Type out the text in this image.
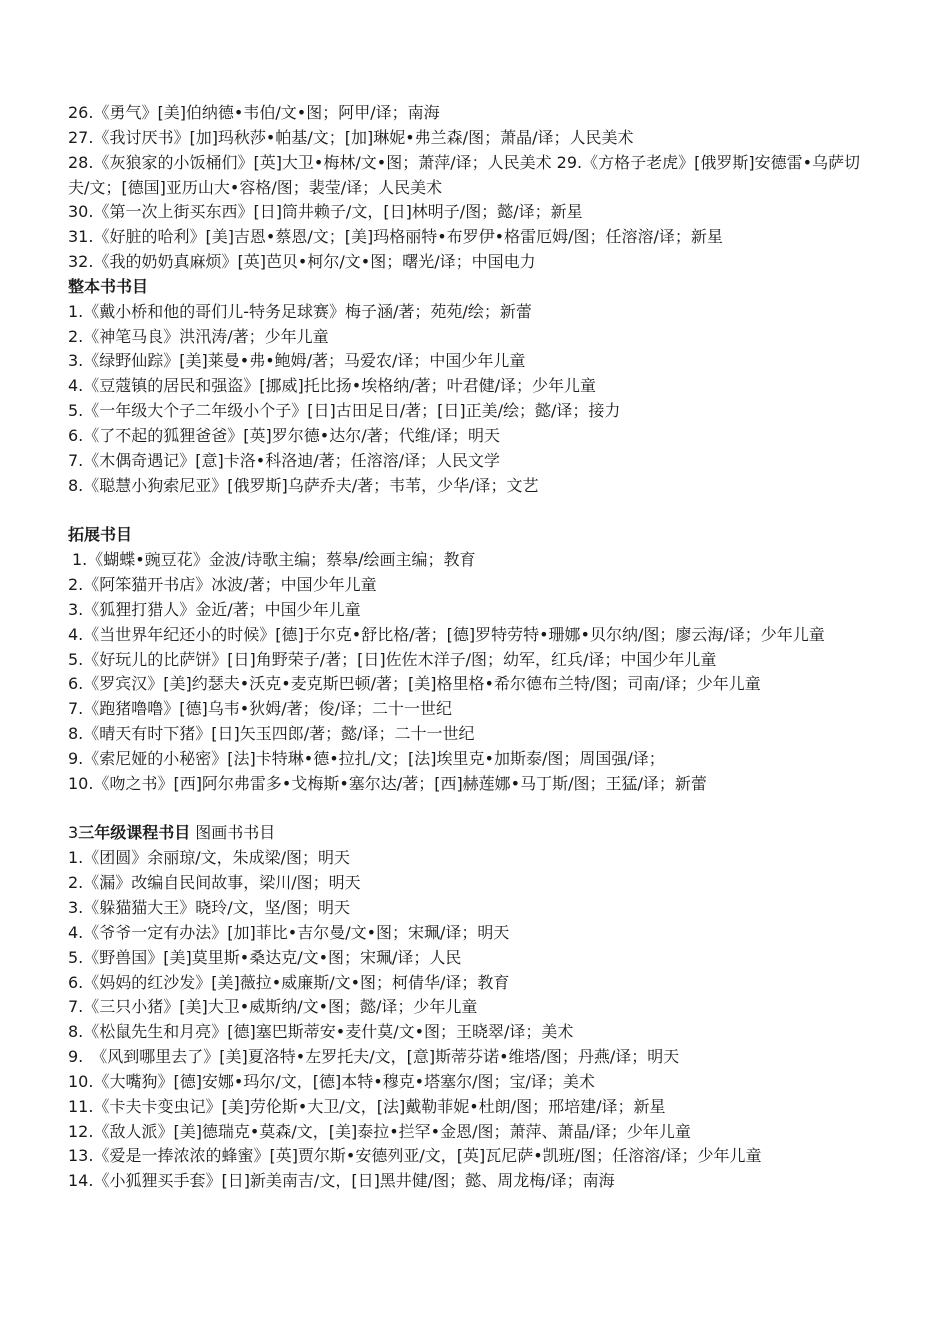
26.《勇气》[美]伯纳德•韦伯/文•图；阿甲/译；南海
27.《我讨厌书》[加]玛秋莎•帕基/文；[加]琳妮•弗兰森/图；萧晶/译；人民美术
28.《灰狼家的小饭桶们》[英]大卫•梅林/文•图；萧萍/译；人民美术 29.《方格子老虎》[俄罗斯]安德雷•乌萨切夫/文；[德国]亚历山大•容格/图；裴莹/译；人民美术
30.《第一次上街买东西》[日]筒井赖子/文，[日]林明子/图；懿/译；新星
31.《好脏的哈利》[美]吉恩•蔡恩/文；[美]玛格丽特•布罗伊•格雷厄姆/图；任溶溶/译；新星
32.《我的奶奶真麻烦》[英]芭贝•柯尔/文•图；曙光/译；中国电力
整本书书目
1.《戴小桥和他的哥们儿-特务足球赛》梅子涵/著；苑苑/绘；新蕾
2.《神笔马良》洪汛涛/著；少年儿童
3.《绿野仙踪》[美]莱曼•弗•鲍姆/著；马爱农/译；中国少年儿童
4.《豆蔻镇的居民和强盗》[挪威]托比扬•埃格纳/著；叶君健/译；少年儿童
5.《一年级大个子二年级小个子》[日]古田足日/著；[日]正美/绘；懿/译；接力
6.《了不起的狐狸爸爸》[英]罗尔德•达尔/著；代维/译；明天
7.《木偶奇遇记》[意]卡洛•科洛迪/著；任溶溶/译；人民文学
8.《聪慧小狗索尼亚》[俄罗斯]乌萨乔夫/著；韦苇，少华/译；文艺
拓展书目
1.《蝴蝶•豌豆花》金波/诗歌主编；蔡皋/绘画主编；教育
2.《阿笨猫开书店》冰波/著；中国少年儿童
3.《狐狸打猎人》金近/著；中国少年儿童
4.《当世界年纪还小的时候》[德]于尔克•舒比格/著；[德]罗特劳特•珊娜•贝尔纳/图；廖云海/译；少年儿童
5.《好玩儿的比萨饼》[日]角野荣子/著；[日]佐佐木洋子/图；幼军，红兵/译；中国少年儿童
6.《罗宾汉》[美]约瑟夫•沃克•麦克斯巴顿/著；[美]格里格•希尔德布兰特/图；司南/译；少年儿童
7.《跑猪噜噜》[德]乌韦•狄姆/著；俊/译；二十一世纪
8.《晴天有时下猪》[日]矢玉四郎/著；懿/译；二十一世纪
9.《索尼娅的小秘密》[法]卡特琳•德•拉扎/文；[法]埃里克•加斯泰/图；周国强/译；
10.《吻之书》[西]阿尔弗雷多•戈梅斯•塞尔达/著；[西]赫莲娜•马丁斯/图；王猛/译；新蕾
3三年级课程书目 图画书书目
1.《团圆》余丽琼/文，朱成梁/图；明天
2.《漏》改编自民间故事，梁川/图；明天
3.《躲猫猫大王》晓玲/文，坚/图；明天
4.《爷爷一定有办法》[加]菲比•吉尔曼/文•图；宋珮/译；明天
5.《野兽国》[美]莫里斯•桑达克/文•图；宋珮/译；人民
6.《妈妈的红沙发》[美]薇拉•威廉斯/文•图；柯倩华/译；教育
7.《三只小猪》[美]大卫•威斯纳/文•图；懿/译；少年儿童
8.《松鼠先生和月亮》[德]塞巴斯蒂安•麦什莫/文•图；王晓翠/译；美术
9.　《风到哪里去了》[美]夏洛特•左罗托夫/文，[意]斯蒂芬诺•维塔/图；丹燕/译；明天
10.《大嘴狗》[德]安娜•玛尔/文，[德]本特•穆克•塔塞尔/图；宝/译；美术
11.《卡夫卡变虫记》[美]劳伦斯•大卫/文，[法]戴勒菲妮•杜朗/图；邢培建/译；新星
12.《敌人派》[美]德瑞克•莫森/文，[美]泰拉•拦罕•金恩/图；萧萍、萧晶/译；少年儿童
13.《爱是一捧浓浓的蜂蜜》[英]贾尔斯•安德列亚/文，[英]瓦尼萨•凯班/图；任溶溶/译；少年儿童
14.《小狐狸买手套》[日]新美南吉/文，[日]黑井健/图；懿、周龙梅/译；南海
